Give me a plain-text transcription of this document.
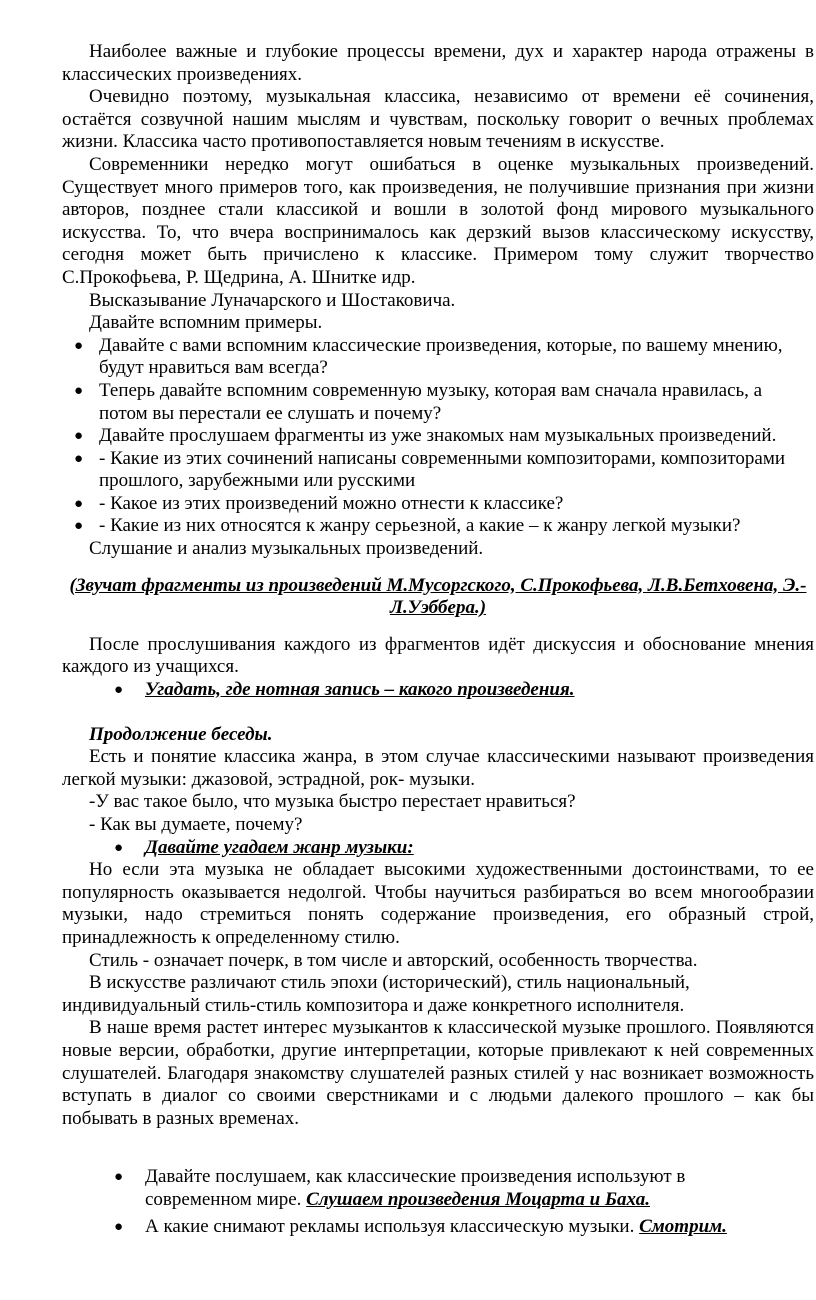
Наиболее важные и глубокие процессы времени, дух и характер народа отражены в классических произведениях.

Очевидно поэтому, музыкальная классика, независимо от времени её сочинения, остаётся созвучной нашим мыслям и чувствам, поскольку говорит о вечных проблемах жизни. Классика часто противопоставляется новым течениям в искусстве.

Современники нередко могут ошибаться в оценке музыкальных произведений. Существует много примеров того, как произведения, не получившие признания при жизни авторов, позднее стали классикой и вошли в золотой фонд мирового музыкального искусства. То, что вчера воспринималось как дерзкий вызов классическому искусству, сегодня может быть причислено к классике. Примером тому служит творчество С.Прокофьева, Р. Щедрина, А. Шнитке идр.

Высказывание Луначарского и Шостаковича.

Давайте вспомним примеры.

● Давайте с вами вспомним классические произведения, которые, по вашему мнению, будут нравиться вам всегда?
● Теперь давайте вспомним современную музыку, которая вам сначала нравилась, а потом вы перестали ее слушать и почему?
● Давайте прослушаем фрагменты из уже знакомых нам музыкальных произведений.
● - Какие из этих сочинений написаны современными композиторами, композиторами прошлого, зарубежными или русскими
● - Какое из этих произведений можно отнести к классике?
● - Какие из них относятся к жанру серьезной, а какие – к жанру легкой музыки?

Слушание и анализ музыкальных произведений.

(Звучат фрагменты из произведений М.Мусоргского, С.Прокофьева, Л.В.Бетховена, Э.-Л.Уэббера.)

После прослушивания каждого из фрагментов идёт дискуссия и обоснование мнения каждого из учащихся.

● Угадать, где нотная запись – какого произведения.

Продолжение беседы.

Есть и понятие классика жанра, в этом случае классическими называют произведения легкой музыки: джазовой, эстрадной, рок- музыки.

-У вас такое было, что музыка быстро перестает нравиться?

- Как вы думаете, почему?

● Давайте угадаем жанр музыки:

Но если эта музыка не обладает высокими художественными достоинствами, то ее популярность оказывается недолгой. Чтобы научиться разбираться во всем многообразии музыки, надо стремиться понять содержание произведения, его образный строй, принадлежность к определенному стилю.

Стиль - означает почерк, в том числе и авторский, особенность творчества.

В искусстве различают стиль эпохи (исторический), стиль национальный, индивидуальный стиль-стиль композитора и даже конкретного исполнителя.

В наше время растет интерес музыкантов к классической музыке прошлого. Появляются новые версии, обработки, другие интерпретации, которые привлекают к ней современных слушателей. Благодаря знакомству слушателей разных стилей у нас возникает возможность вступать в диалог со своими сверстниками и с людьми далекого прошлого – как бы побывать в разных временах.

● Давайте послушаем, как классические произведения используют в современном мире. Слушаем произведения Моцарта и Баха.
● А какие снимают рекламы используя классическую музыки. Смотрим.
